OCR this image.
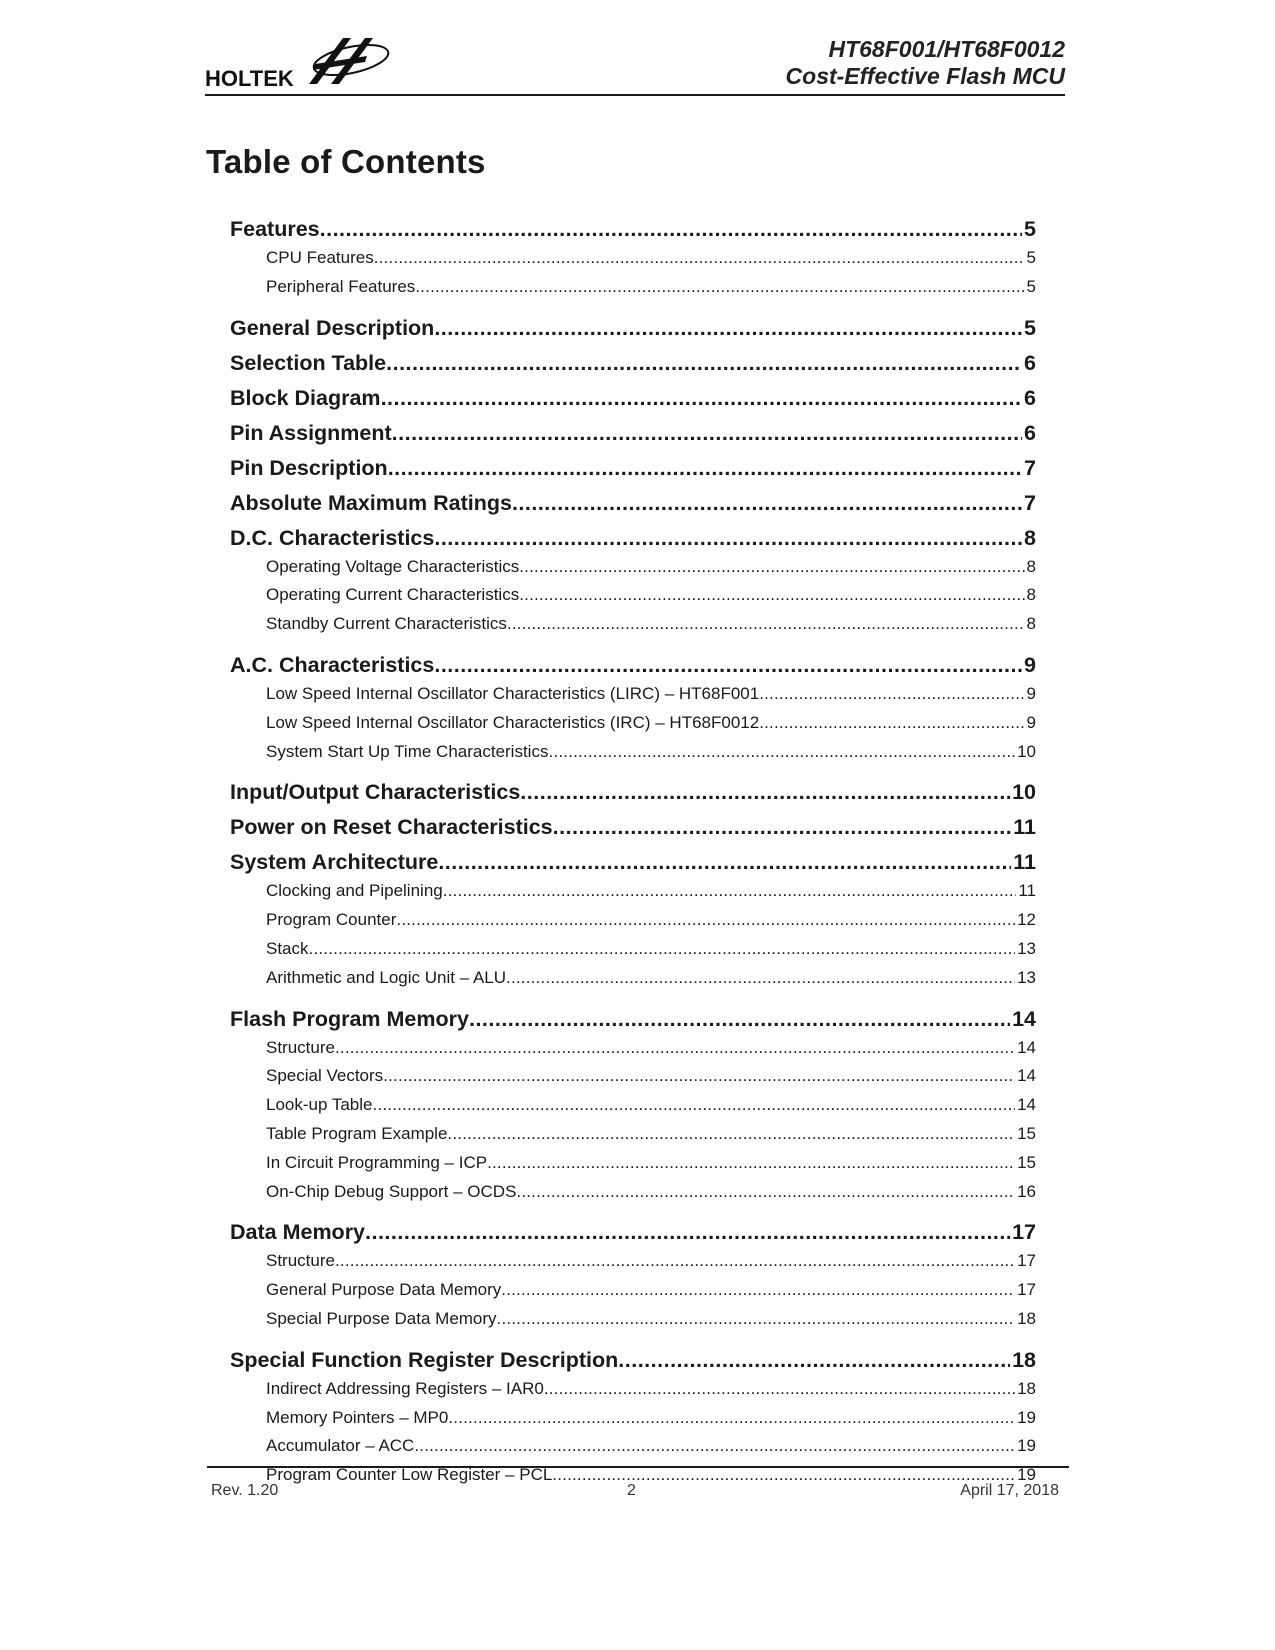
HOLTEK
HT68F001/HT68F0012
Cost-Effective Flash MCU
Table of Contents
Features .....	5
CPU Features .....	5
Peripheral Features .....	5
General Description .....	5
Selection Table .....	6
Block Diagram .....	6
Pin Assignment .....	6
Pin Description .....	7
Absolute Maximum Ratings .....	7
D.C. Characteristics .....	8
Operating Voltage Characteristics .....	8
Operating Current Characteristics .....	8
Standby Current Characteristics .....	8
A.C. Characteristics .....	9
Low Speed Internal Oscillator Characteristics (LIRC) – HT68F001 .....	9
Low Speed Internal Oscillator Characteristics (IRC) – HT68F0012 .....	9
System Start Up Time Characteristics .....	10
Input/Output Characteristics .....	10
Power on Reset Characteristics .....	11
System Architecture .....	11
Clocking and Pipelining .....	11
Program Counter .....	12
Stack .....	13
Arithmetic and Logic Unit – ALU .....	13
Flash Program Memory .....	14
Structure .....	14
Special Vectors .....	14
Look-up Table .....	14
Table Program Example .....	15
In Circuit Programming – ICP .....	15
On-Chip Debug Support – OCDS .....	16
Data Memory .....	17
Structure .....	17
General Purpose Data Memory .....	17
Special Purpose Data Memory .....	18
Special Function Register Description .....	18
Indirect Addressing Registers – IAR0 .....	18
Memory Pointers – MP0 .....	19
Accumulator – ACC .....	19
Program Counter Low Register – PCL .....	19
Rev. 1.20	2	April 17, 2018
